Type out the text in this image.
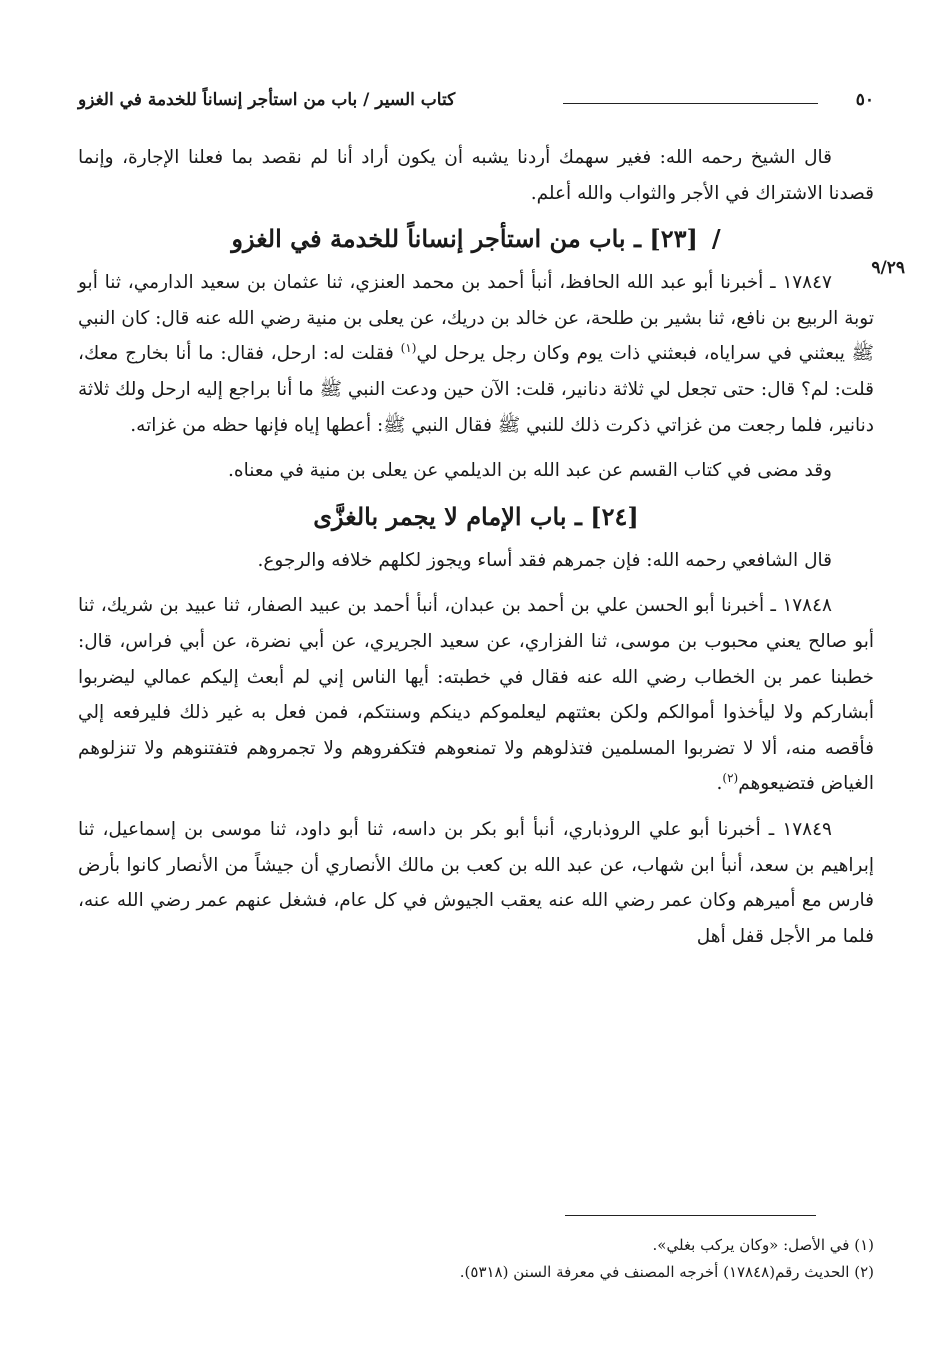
٥٠
كتاب السير / باب من استأجر إنساناً للخدمة في الغزو
٩/٢٩

قال الشيخ رحمه الله: فغير سهمك أردنا يشبه أن يكون أراد أنا لم نقصد بما فعلنا الإجارة، وإنما قصدنا الاشتراك في الأجر والثواب والله أعلم.

/[٢٣] ـ باب من استأجر إنساناً للخدمة في الغزو

١٧٨٤٧ ـ أخبرنا أبو عبد الله الحافظ، أنبأ أحمد بن محمد العنزي، ثنا عثمان بن سعيد الدارمي، ثنا أبو توبة الربيع بن نافع، ثنا بشير بن طلحة، عن خالد بن دريك، عن يعلى بن منية رضي الله عنه قال: كان النبي ﷺ يبعثني في سراياه، فبعثني ذات يوم وكان رجل يرحل لي$^{(١)}$ فقلت له: ارحل، فقال: ما أنا بخارج معك، قلت: لم؟ قال: حتى تجعل لي ثلاثة دنانير، قلت: الآن حين ودعت النبي ﷺ ما أنا براجع إليه ارحل ولك ثلاثة دنانير، فلما رجعت من غزاتي ذكرت ذلك للنبي ﷺ فقال النبي ﷺ: أعطها إياه فإنها حظه من غزاته.

وقد مضى في كتاب القسم عن عبد الله بن الديلمي عن يعلى بن منية في معناه.

[٢٤] ـ باب الإمام لا يجمر بالغزَّى

قال الشافعي رحمه الله: فإن جمرهم فقد أساء ويجوز لكلهم خلافه والرجوع.

١٧٨٤٨ ـ أخبرنا أبو الحسن علي بن أحمد بن عبدان، أنبأ أحمد بن عبيد الصفار، ثنا عبيد بن شريك، ثنا أبو صالح يعني محبوب بن موسى، ثنا الفزاري، عن سعيد الجريري، عن أبي نضرة، عن أبي فراس، قال: خطبنا عمر بن الخطاب رضي الله عنه فقال في خطبته: أيها الناس إني لم أبعث إليكم عمالي ليضربوا أبشاركم ولا ليأخذوا أموالكم ولكن بعثتهم ليعلموكم دينكم وسنتكم، فمن فعل به غير ذلك فليرفعه إلي فأقصه منه، ألا لا تضربوا المسلمين فتذلوهم ولا تمنعوهم فتكفروهم ولا تجمروهم فتفتنوهم ولا تنزلوهم الغياض فتضيعوهم$^{(٢)}$.

١٧٨٤٩ ـ أخبرنا أبو علي الروذباري، أنبأ أبو بكر بن داسه، ثنا أبو داود، ثنا موسى بن إسماعيل، ثنا إبراهيم بن سعد، أنبأ ابن شهاب، عن عبد الله بن كعب بن مالك الأنصاري أن جيشاً من الأنصار كانوا بأرض فارس مع أميرهم وكان عمر رضي الله عنه يعقب الجيوش في كل عام، فشغل عنهم عمر رضي الله عنه، فلما مر الأجل قفل أهل

(١) في الأصل: «وكان يركب بغلي».
(٢) الحديث رقم(١٧٨٤٨) أخرجه المصنف في معرفة السنن (٥٣١٨).
